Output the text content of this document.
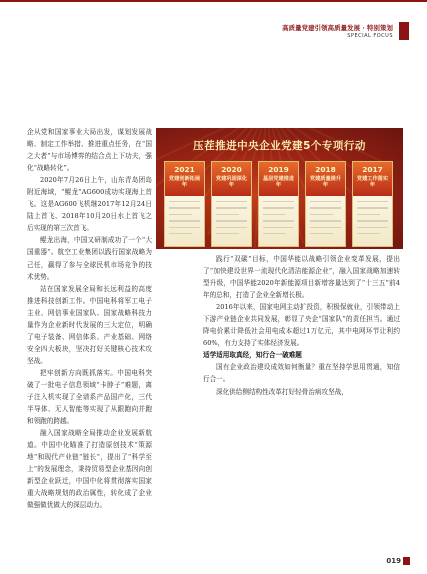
高质量党建引领高质量发展 · 特别策划
SPECIAL FOCUS

企从党和国家事业大局出发，谋划发展战略、制定工作举措、推进重点任务，在“国之大者”与市场博弈的结合点上下功夫，强化“战略转化”。

2020年7月26日上午，山东青岛团岛附近海域，“鲲龙”AG600成功实现海上首飞。这是AG600飞机继2017年12月24日陆上首飞、2018年10月20日水上首飞之后实现的第三次首飞。

鲲龙出海，中国又研制成功了一个“大国重器”。航空工业集团以践行国家战略为己任，赢得了参与全球民机市场竞争的技术优势。

站在国家发展全局和长远利益的高度推进科技创新工作。中国电科将军工电子主业、网信事业国家队、国家战略科技力量作为企业新时代发展的三大定位，明确了电子装备、网信体系、产业基础、网络安全四大板块，坚决打好关键核心技术攻坚战。

把牢创新方向既抓落实。中国电科突破了一批电子信息领域“卡脖子”难题，离子注入机实现了全谱系产品国产化，三代半导体、无人智能等实现了从跟跑向并跑和领跑的跨越。

融入国家战略全局推动企业发展新航道。中国中化瞄准了打造原创技术“策源地”和现代产业链“链长”，提出了“科学至上”的发展理念，秉持贸易型企业基因向创新型企业跃迁，中国中化将贯彻落实国家重大战略规划的政治属性，转化成了企业做强做优做大的深层动力。

压茬推进中央企业党建5个专项行动
2021
党建创新拓展年
2020
党建巩固深化年
2019
基层党建推进年
2018
党建质量提升年
2017
党建工作落实年

践行“双碳”目标，中国华能以战略引领企业变革发展，提出了“加快建设世界一流现代化清洁能源企业”，融入国家战略加速转型升级，中国华能2020年新能源项目新增容量达到了“十三五”前4年的总和，打造了企业全新增长极。

2016年以来，国家电网主动扩投资，积极保就业，引领带动上下游产业链企业共同发展，彰显了央企“国家队”的责任担当。通过降电价累计降低社会用电成本超过1万亿元，其中电网环节让利约60%，有力支持了实体经济发展。

适学适用取真经，知行合一破难题

国有企业政治建设成效如何衡量？重在坚持学思用贯通，知信行合一。

深化供给侧结构性改革打好轻骨治病攻坚战，

019
